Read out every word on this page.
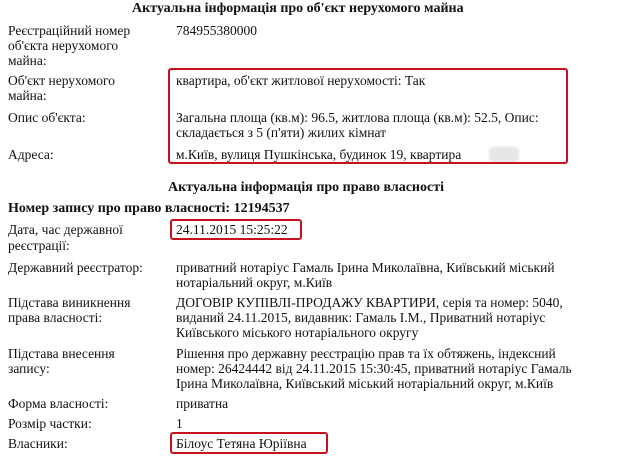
Актуальна інформація про об'єкт нерухомого майна
Реєстраційний номер
об'єкта нерухомого
майна:
784955380000
Об'єкт нерухомого
майна:
квартира, об'єкт житлової нерухомості: Так
Опис об'єкта:	Загальна площа (кв.м): 96.5, житлова площа (кв.м): 52.5, Опис:
складається з 5 (п'яти) жилих кімнат
Адреса:	м.Київ, вулиця Пушкінська, будинок 19, квартира
Актуальна інформація про право власності
Номер запису про право власності: 12194537
Дата, час державної
реєстрації:
24.11.2015 15:25:22
Державний реєстратор: приватний нотаріус Гамаль Ірина Миколаївна, Київський міський
нотаріальний округ, м.Київ
Підстава виникнення
права власності:
ДОГОВІР КУПІВЛІ-ПРОДАЖУ КВАРТИРИ, серія та номер: 5040,
виданий 24.11.2015, видавник: Гамаль І.М., Приватний нотаріус
Київського міського нотаріального округу
Підстава внесення
запису:
Рішення про державну реєстрацію прав та їх обтяжень, індексний
номер: 26424442 від 24.11.2015 15:30:45, приватний нотаріус Гамаль
Ірина Миколаївна, Київський міський нотаріальний округ, м.Київ
Форма власності:	приватна
Розмір частки:	1
Власники:	Білоус Тетяна Юріївна
